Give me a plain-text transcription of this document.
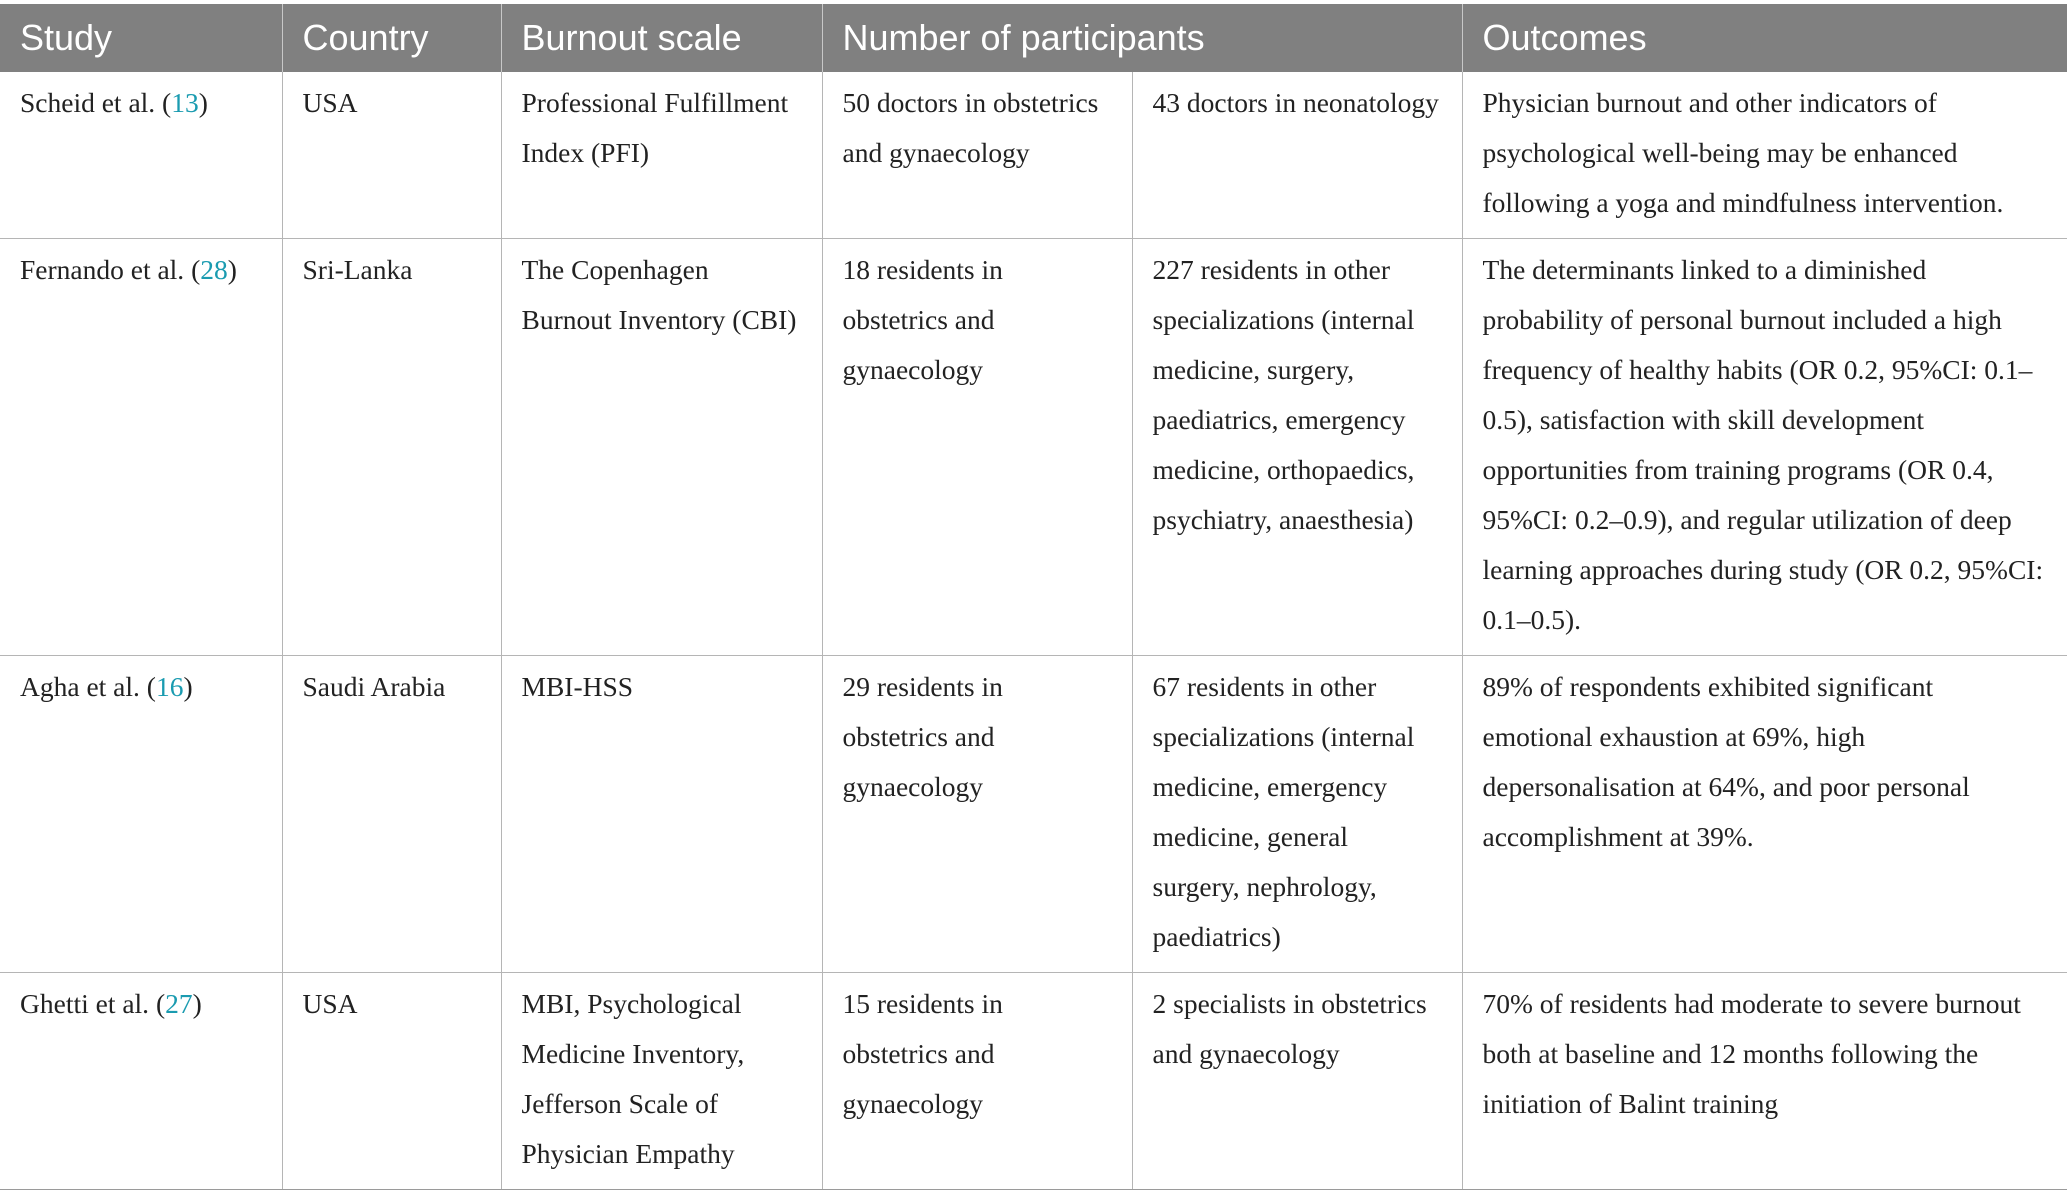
Study	Country	Burnout scale	Number of participants		Outcomes
Scheid et al. (13)	USA	Professional Fulfillment Index (PFI)	50 doctors in obstetrics and gynaecology	43 doctors in neonatology	Physician burnout and other indicators of psychological well-being may be enhanced following a yoga and mindfulness intervention.
Fernando et al. (28)	Sri-Lanka	The Copenhagen Burnout Inventory (CBI)	18 residents in obstetrics and gynaecology	227 residents in other specializations (internal medicine, surgery, paediatrics, emergency medicine, orthopaedics, psychiatry, anaesthesia)	The determinants linked to a diminished probability of personal burnout included a high frequency of healthy habits (OR 0.2, 95%CI: 0.1–0.5), satisfaction with skill development opportunities from training programs (OR 0.4, 95%CI: 0.2–0.9), and regular utilization of deep learning approaches during study (OR 0.2, 95%CI: 0.1–0.5).
Agha et al. (16)	Saudi Arabia	MBI-HSS	29 residents in obstetrics and gynaecology	67 residents in other specializations (internal medicine, emergency medicine, general surgery, nephrology, paediatrics)	89% of respondents exhibited significant emotional exhaustion at 69%, high depersonalisation at 64%, and poor personal accomplishment at 39%.
Ghetti et al. (27)	USA	MBI, Psychological Medicine Inventory, Jefferson Scale of Physician Empathy	15 residents in obstetrics and gynaecology	2 specialists in obstetrics and gynaecology	70% of residents had moderate to severe burnout both at baseline and 12 months following the initiation of Balint training
